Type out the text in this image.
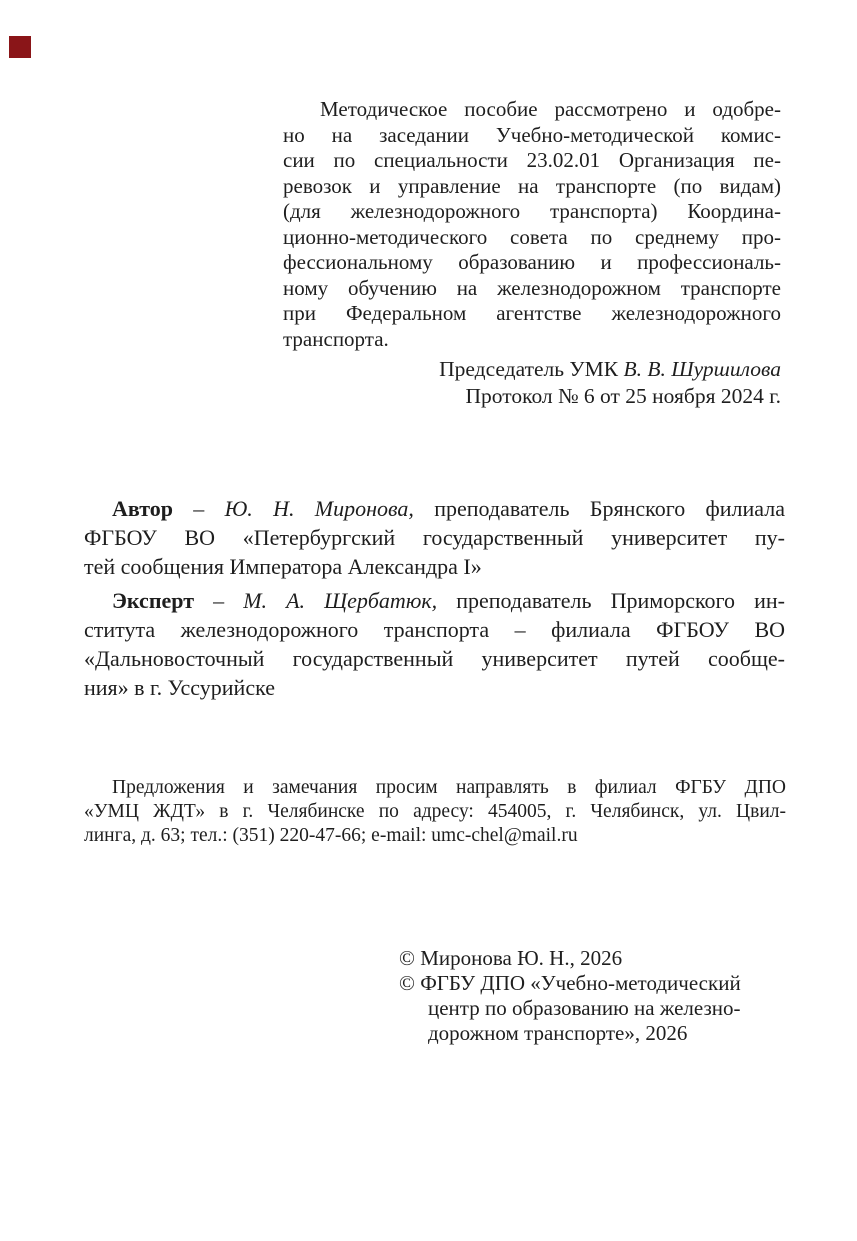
Методическое пособие рассмотрено и одобре-
но на заседании Учебно-методической комис-
сии по специальности 23.02.01 Организация пе-
ревозок и управление на транспорте (по видам)
(для железнодорожного транспорта) Координа-
ционно-методического совета по среднему про-
фессиональному образованию и профессиональ-
ному обучению на железнодорожном транспорте
при Федеральном агентстве железнодорожного
транспорта.
Председатель УМК В. В. Шуршилова
Протокол № 6 от 25 ноября 2024 г.
Автор – Ю. Н. Миронова, преподаватель Брянского филиала
ФГБОУ ВО «Петербургский государственный университет пу-
тей сообщения Императора Александра I»
Эксперт – М. А. Щербатюк, преподаватель Приморского ин-
ститута железнодорожного транспорта – филиала ФГБОУ ВО
«Дальновосточный государственный университет путей сообще-
ния» в г. Уссурийске
Предложения и замечания просим направлять в филиал ФГБУ ДПО
«УМЦ ЖДТ» в г. Челябинске по адресу: 454005, г. Челябинск, ул. Цвил-
линга, д. 63; тел.: (351) 220-47-66; e-mail: umc-chel@mail.ru
© Миронова Ю. Н., 2026
© ФГБУ ДПО «Учебно-методический
центр по образованию на железно-
дорожном транспорте», 2026
